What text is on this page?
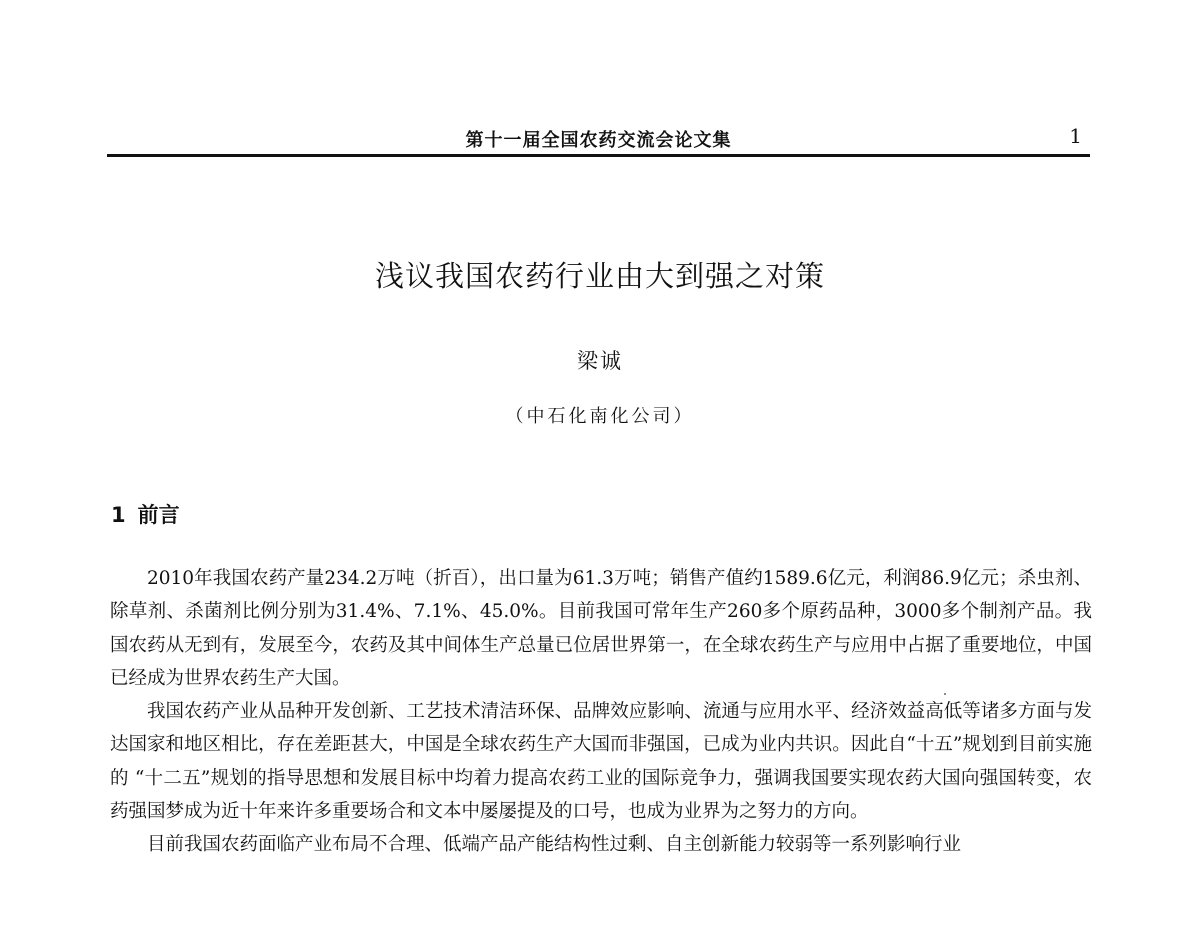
第十一届全国农药交流会论文集	1
浅议我国农药行业由大到强之对策
梁诚
（中石化南化公司）
1 前言

2010年我国农药产量234.2万吨（折百），出口量为61.3万吨；销售产值约1589.6亿元，利润86.9亿元；杀虫剂、除草剂、杀菌剂比例分别为31.4%、7.1%、45.0%。目前我国可常年生产260多个原药品种，3000多个制剂产品。我国农药从无到有，发展至今，农药及其中间体生产总量已位居世界第一，在全球农药生产与应用中占据了重要地位，中国已经成为世界农药生产大国。

我国农药产业从品种开发创新、工艺技术清洁环保、品牌效应影响、流通与应用水平、经济效益高低等诸多方面与发达国家和地区相比，存在差距甚大，中国是全球农药生产大国而非强国，已成为业内共识。因此自“十五”规划到目前实施的 “十二五”规划的指导思想和发展目标中均着力提高农药工业的国际竞争力，强调我国要实现农药大国向强国转变，农药强国梦成为近十年来许多重要场合和文本中屡屡提及的口号，也成为业界为之努力的方向。

目前我国农药面临产业布局不合理、低端产品产能结构性过剩、自主创新能力较弱等一系列影响行业
